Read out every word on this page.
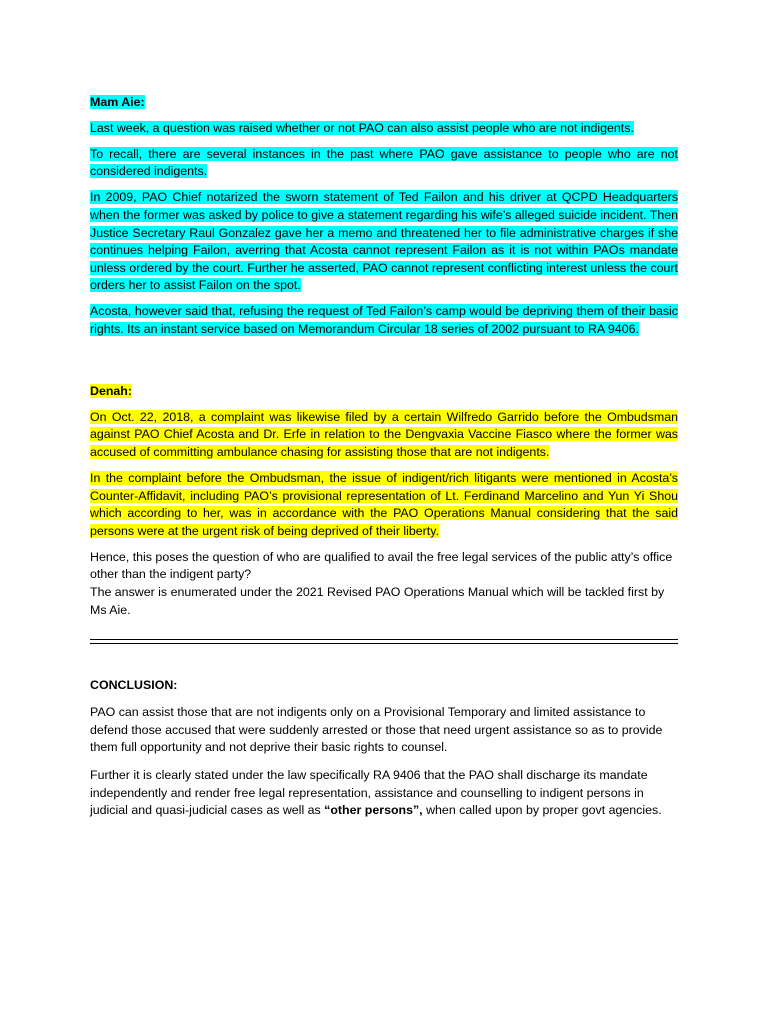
Mam Aie:

Last week, a question was raised whether or not PAO can also assist people who are not indigents.

To recall, there are several instances in the past where PAO gave assistance to people who are not considered indigents.

In 2009, PAO Chief notarized the sworn statement of Ted Failon and his driver at QCPD Headquarters when the former was asked by police to give a statement regarding his wife’s alleged suicide incident. Then Justice Secretary Raul Gonzalez gave her a memo and threatened her to file administrative charges if she continues helping Failon, averring that Acosta cannot represent Failon as it is not within PAOs mandate unless ordered by the court. Further he asserted, PAO cannot represent conflicting interest unless the court orders her to assist Failon on the spot.

Acosta, however said that, refusing the request of Ted Failon’s camp would be depriving them of their basic rights. Its an instant service based on Memorandum Circular 18 series of 2002 pursuant to RA 9406.

Denah:

On Oct. 22, 2018, a complaint was likewise filed by a certain Wilfredo Garrido before the Ombudsman against PAO Chief Acosta and Dr. Erfe in relation to the Dengvaxia Vaccine Fiasco where the former was accused of committing ambulance chasing for assisting those that are not indigents.

In the complaint before the Ombudsman, the issue of indigent/rich litigants were mentioned in Acosta’s Counter-Affidavit, including PAO’s provisional representation of Lt. Ferdinand Marcelino and Yun Yi Shou which according to her, was in accordance with the PAO Operations Manual considering that the said persons were at the urgent risk of being deprived of their liberty.

Hence, this poses the question of who are qualified to avail the free legal services of the public atty’s office other than the indigent party?
The answer is enumerated under the 2021 Revised PAO Operations Manual which will be tackled first by Ms Aie.

CONCLUSION:

PAO can assist those that are not indigents only on a Provisional Temporary and limited assistance to defend those accused that were suddenly arrested or those that need urgent assistance so as to provide them full opportunity and not deprive their basic rights to counsel.

Further it is clearly stated under the law specifically RA 9406 that the PAO shall discharge its mandate independently and render free legal representation, assistance and counselling to indigent persons in judicial and quasi-judicial cases as well as “other persons”, when called upon by proper govt agencies.
